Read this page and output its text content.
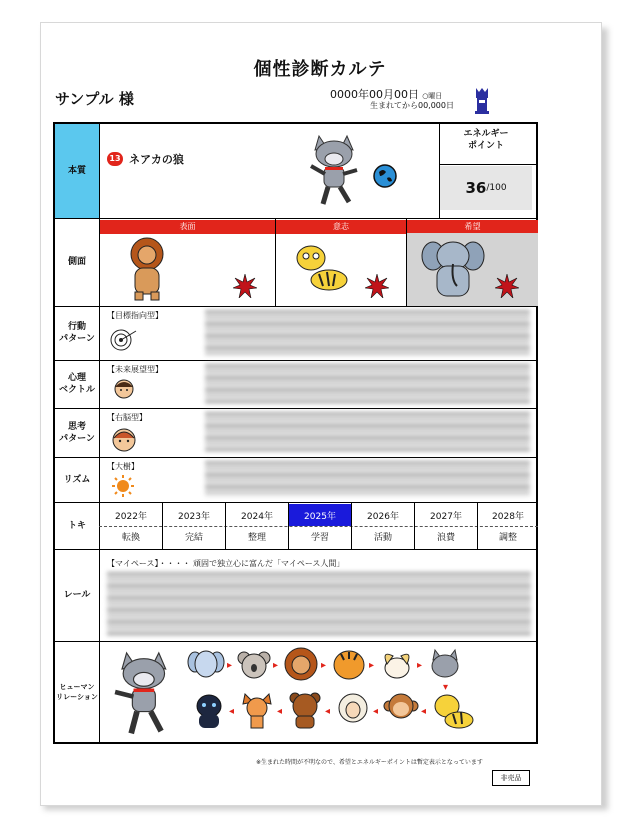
個性診断カルテ
サンプル 様	0000年00月00日 ○曜日
生まれてから00,000日
本質
13 ネアカの狼
エネルギー
ポイント
36 /100
側面
表面	意志	希望
行動
パターン
【目標指向型】
心理
ベクトル
【未来展望型】
思考
パターン
【右脳型】
リズム
【大樹】
トキ
2022年	2023年	2024年	2025年	2026年	2027年	2028年
転換	完結	整理	学習	活動	浪費	調整
レール
【マイペース】・・・・ 頑固で独立心に富んだ「マイペース人間」
ヒューマン
リレーション
▸	▸	▸	▸	▸
▾
◂	◂	◂	◂	◂
※生まれた時間が不明なので、希望とエネルギーポイントは暫定表示となっています
非売品
